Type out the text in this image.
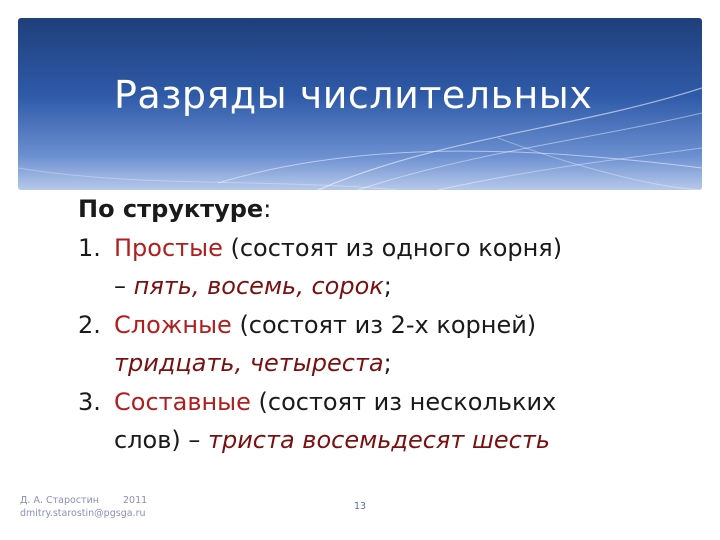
Разряды числительных
По структуре:
1. Простые (состоят из одного корня)
– пять, восемь, сорок;
2. Сложные (состоят из 2-х корней)
тридцать, четыреста;
3. Составные (состоят из нескольких
слов) – триста восемьдесят шесть
Д. А. Старостин	2011
dmitry.starostin@pgsga.ru
13
